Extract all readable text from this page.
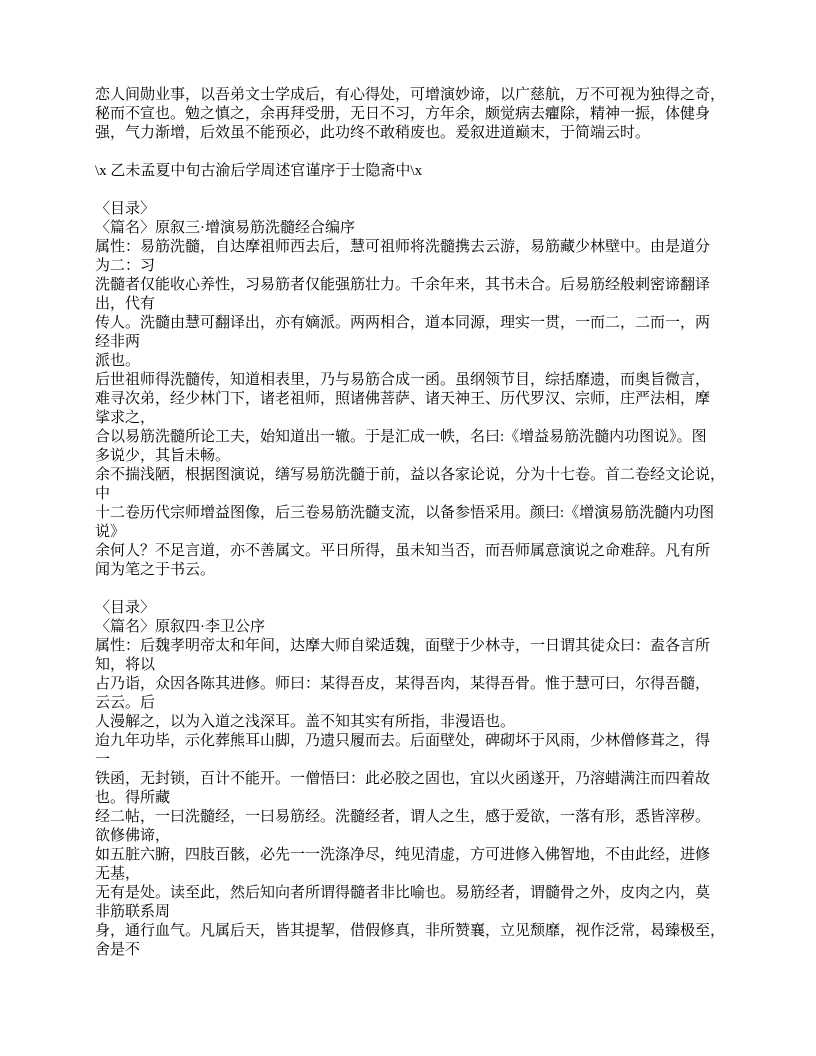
恋人间勋业事，以吾弟文士学成后，有心得处，可增演妙谛，以广慈航，万不可视为独得之奇，
秘而不宣也。勉之慎之，余再拜受册，无日不习，方年余，颇觉病去癯除，精神一振，体健身
强，气力渐增，后效虽不能预必，此功终不敢稍废也。爰叙进道巅末，于简端云时。
\x 乙未孟夏中旬古渝后学周述官谨序于士隐斋中\x
〈目录〉
〈篇名〉原叙三·增演易筋洗髓经合编序
属性：易筋洗髓，自达摩祖师西去后，慧可祖师将洗髓携去云游，易筋藏少林壁中。由是道分
为二：习
洗髓者仅能收心养性，习易筋者仅能强筋壮力。千余年来，其书未合。后易筋经般刺密谛翻译
出，代有
传人。洗髓由慧可翻译出，亦有嫡派。两两相合，道本同源，理实一贯，一而二，二而一，两
经非两
派也。
后世祖师得洗髓传，知道相表里，乃与易筋合成一函。虽纲领节目，综括靡遗，而奥旨微言，
难寻次弟，经少林门下，诸老祖师，照诸佛菩萨、诸天神王、历代罗汉、宗师，庄严法相，摩
挲求之，
合以易筋洗髓所论工夫，始知道出一辙。于是汇成一帙，名曰:《增益易筋洗髓内功图说》。图
多说少，其旨未畅。
余不揣浅陋，根据图演说，缮写易筋洗髓于前，益以各家论说，分为十七卷。首二卷经文论说，
中
十二卷历代宗师增益图像，后三卷易筋洗髓支流，以备参悟采用。颜曰:《增演易筋洗髓内功图
说》
余何人？不足言道，亦不善属文。平日所得，虽未知当否，而吾师属意演说之命难辞。凡有所
闻为笔之于书云。
〈目录〉
〈篇名〉原叙四·李卫公序
属性：后魏孝明帝太和年间，达摩大师自梁适魏，面壁于少林寺，一日谓其徒众曰：盍各言所
知，将以
占乃诣，众因各陈其进修。师曰：某得吾皮，某得吾肉，某得吾骨。惟于慧可曰，尔得吾髓，
云云。后
人漫解之，以为入道之浅深耳。盖不知其实有所指，非漫语也。
迨九年功毕，示化葬熊耳山脚，乃遗只履而去。后面壁处，碑砌坏于风雨，少林僧修葺之，得
一
铁函，无封锁，百计不能开。一僧悟曰：此必胶之固也，宜以火函遂开，乃溶蜡满注而四着故
也。得所藏
经二帖，一曰洗髓经，一曰易筋经。洗髓经者，谓人之生，感于爱欲，一落有形，悉皆滓秽。
欲修佛谛，
如五脏六腑，四肢百骸，必先一一洗涤净尽，纯见清虚，方可进修入佛智地，不由此经，进修
无基，
无有是处。读至此，然后知向者所谓得髓者非比喻也。易筋经者，谓髓骨之外，皮肉之内，莫
非筋联系周
身，通行血气。凡属后天，皆其提挈，借假修真，非所赞襄，立见颓靡，视作泛常，曷臻极至，
舍是不
